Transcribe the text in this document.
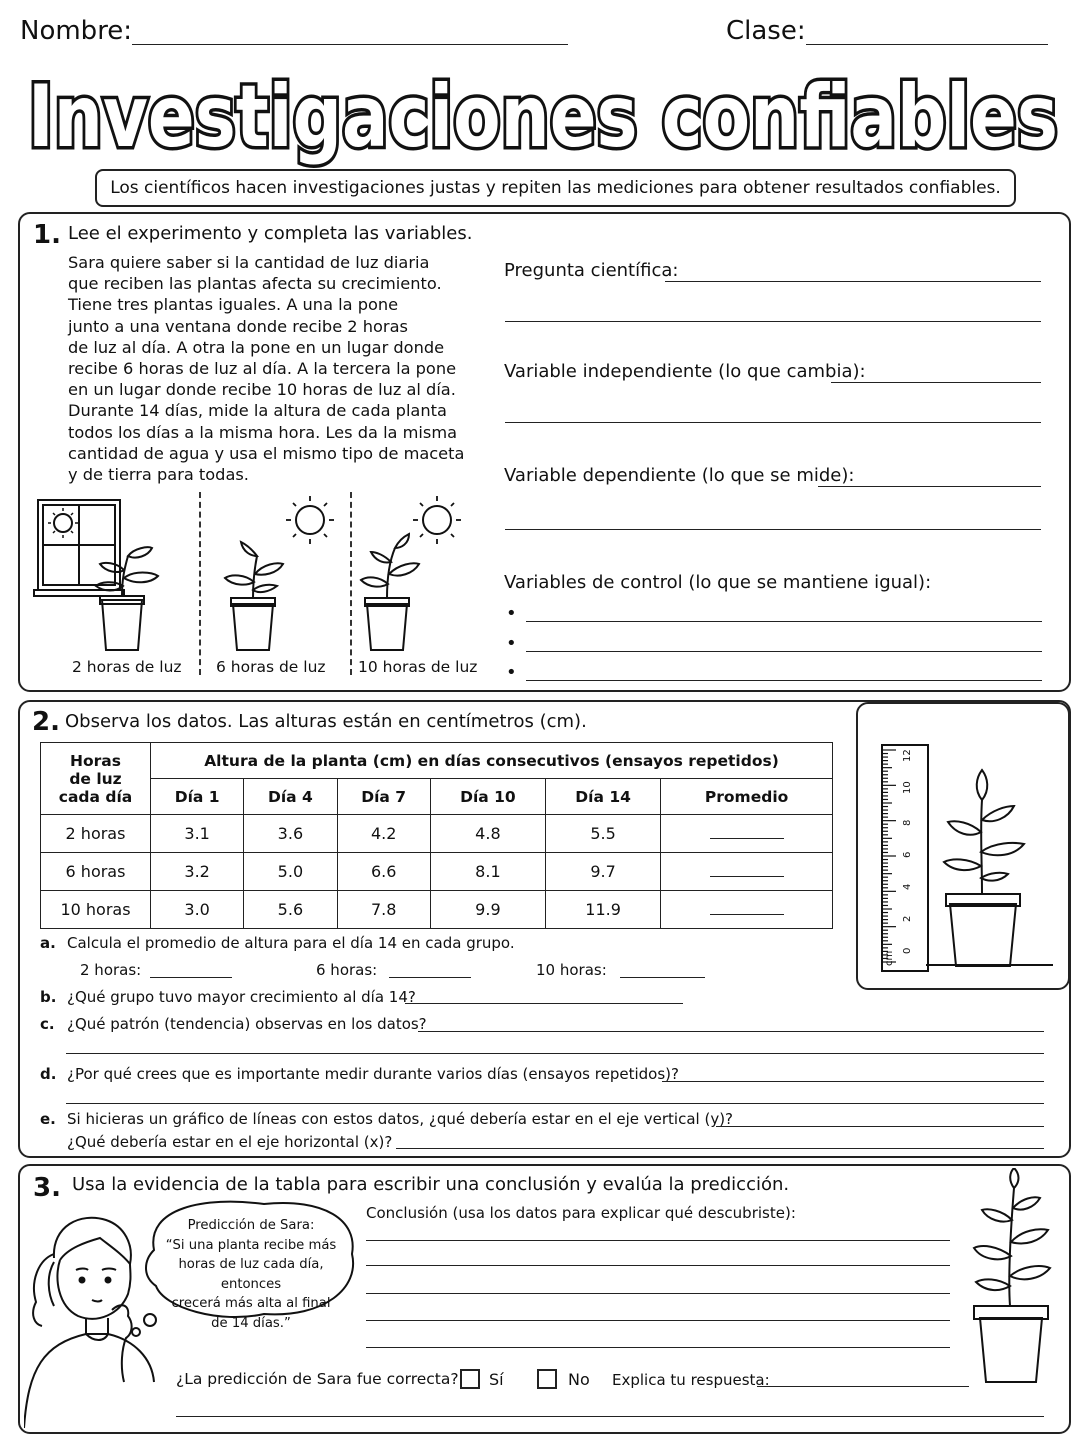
Nombre:	Clase:
Investigaciones confiables
Los científicos hacen investigaciones justas y repiten las mediciones para obtener resultados confiables.
1. Lee el experimento y completa las variables.
Sara quiere saber si la cantidad de luz diaria
que reciben las plantas afecta su crecimiento.
Tiene tres plantas iguales. A una la pone
junto a una ventana donde recibe 2 horas
de luz al día. A otra la pone en un lugar donde
recibe 6 horas de luz al día. A la tercera la pone
en un lugar donde recibe 10 horas de luz al día.
Durante 14 días, mide la altura de cada planta
todos los días a la misma hora. Les da la misma
cantidad de agua y usa el mismo tipo de maceta
y de tierra para todas.
2 horas de luz 6 horas de luz 10 horas de luz
Pregunta científica:
Variable independiente (lo que cambia):
Variable dependiente (lo que se mide):
Variables de control (lo que se mantiene igual):
•
•
•
2. Observa los datos. Las alturas están en centímetros (cm).
Horas
de luz
cada día	Altura de la planta (cm) en días consecutivos (ensayos repetidos)					
	Día 1	Día 4	Día 7	Día 10	Día 14	Promedio
2 horas	3.1	3.6	4.2	4.8	5.5	
6 horas	3.2	5.0	6.6	8.1	9.7	
10 horas	3.0	5.6	7.8	9.9	11.9	
0
2
4
6
8
10
12
cm
a. Calcula el promedio de altura para el día 14 en cada grupo.
2 horas:	6 horas:	10 horas:
b. ¿Qué grupo tuvo mayor crecimiento al día 14?
c. ¿Qué patrón (tendencia) observas en los datos?
d. ¿Por qué crees que es importante medir durante varios días (ensayos repetidos)?
e. Si hicieras un gráfico de líneas con estos datos, ¿qué debería estar en el eje vertical (y)?
¿Qué debería estar en el eje horizontal (x)?
3. Usa la evidencia de la tabla para escribir una conclusión y evalúa la predicción.
Predicción de Sara:
“Si una planta recibe más
horas de luz cada día, entonces
crecerá más alta al final
de 14 días.”
Conclusión (usa los datos para explicar qué descubriste):
¿La predicción de Sara fue correcta? Sí	No Explica tu respuesta:
